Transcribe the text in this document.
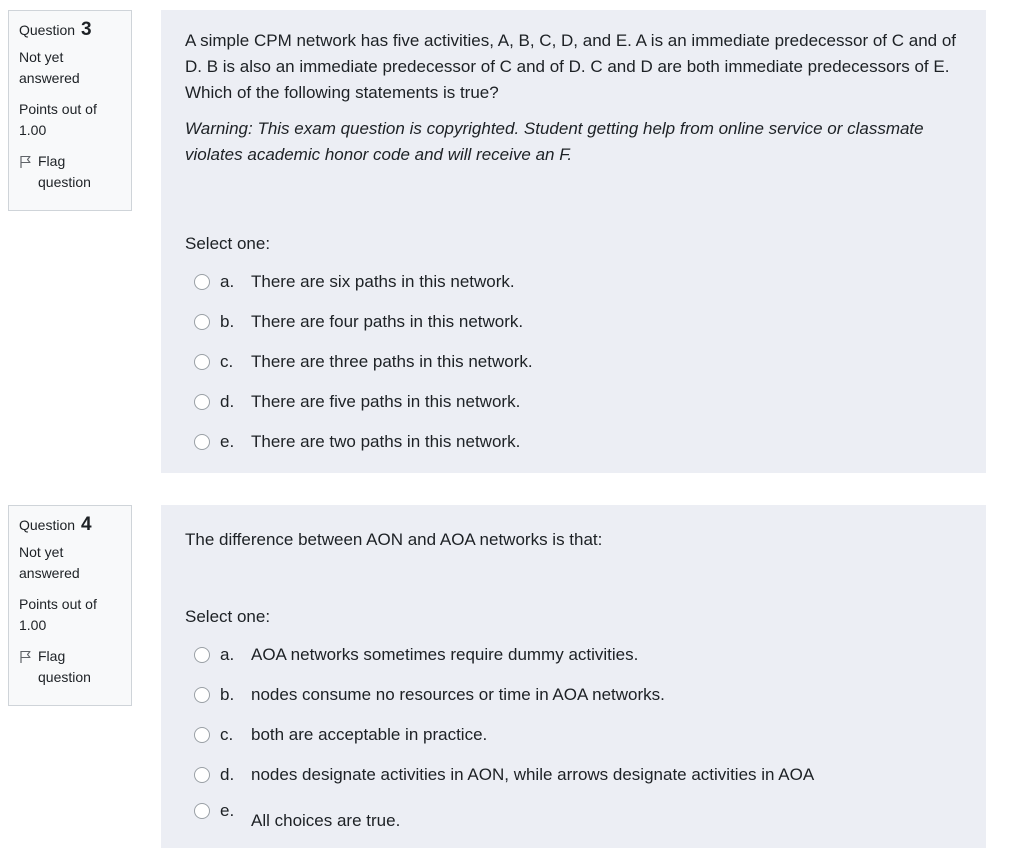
Question 3
Not yet answered
Points out of 1.00
Flag question
A simple CPM network has five activities, A, B, C, D, and E. A is an immediate predecessor of C and of D. B is also an immediate predecessor of C and of D. C and D are both immediate predecessors of E. Which of the following statements is true?
Warning: This exam question is copyrighted. Student getting help from online service or classmate violates academic honor code and will receive an F.
Select one:
a. There are six paths in this network.
b. There are four paths in this network.
c.	There are three paths in this network.
d. There are five paths in this network.
e. There are two paths in this network.
Question 4
Not yet answered
Points out of 1.00
Flag question
The difference between AON and AOA networks is that:
Select one:
a. AOA networks sometimes require dummy activities.
b. nodes consume no resources or time in AOA networks.
c.	both are acceptable in practice.
d. nodes designate activities in AON, while arrows designate activities in AOA
e.
All choices are true.
